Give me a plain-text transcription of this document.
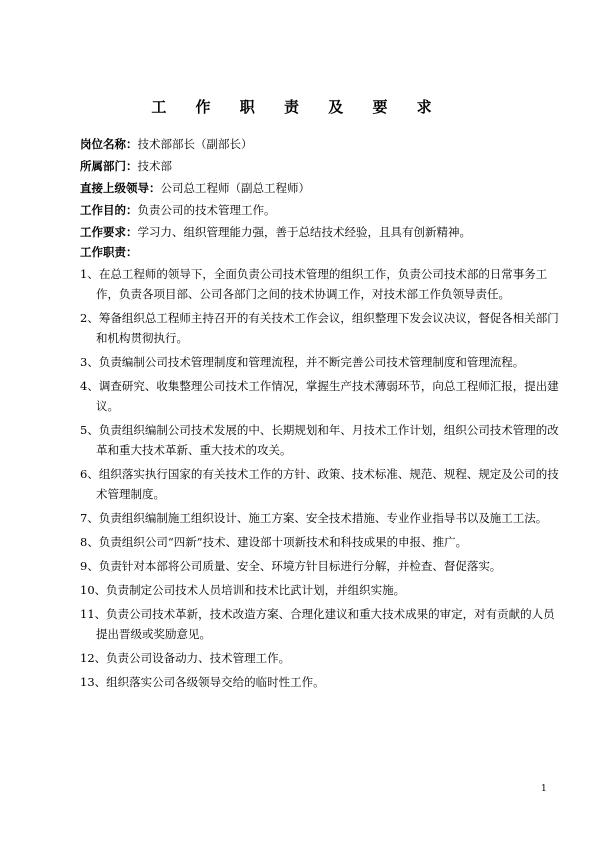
工 作 职 责 及 要 求
岗位名称：技术部部长（副部长）
所属部门：技术部
直接上级领导：公司总工程师（副总工程师）
工作目的：负责公司的技术管理工作。
工作要求：学习力、组织管理能力强，善于总结技术经验，且具有创新精神。
工作职责：

1、在总工程师的领导下，全面负责公司技术管理的组织工作，负责公司技术部的日常事务工作，负责各项目部、公司各部门之间的技术协调工作，对技术部工作负领导责任。

2、筹备组织总工程师主持召开的有关技术工作会议，组织整理下发会议决议，督促各相关部门和机构贯彻执行。

3、负责编制公司技术管理制度和管理流程，并不断完善公司技术管理制度和管理流程。

4、调查研究、收集整理公司技术工作情况，掌握生产技术薄弱环节，向总工程师汇报，提出建议。

5、负责组织编制公司技术发展的中、长期规划和年、月技术工作计划，组织公司技术管理的改革和重大技术革新、重大技术的攻关。

6、组织落实执行国家的有关技术工作的方针、政策、技术标准、规范、规程、规定及公司的技术管理制度。

7、负责组织编制施工组织设计、施工方案、安全技术措施、专业作业指导书以及施工工法。

8、负责组织公司“四新”技术、建设部十项新技术和科技成果的申报、推广。

9、负责针对本部将公司质量、安全、环境方针目标进行分解，并检查、督促落实。

10、负责制定公司技术人员培训和技术比武计划，并组织实施。

11、负责公司技术革新，技术改造方案、合理化建议和重大技术成果的审定，对有贡献的人员提出晋级或奖励意见。

12、负责公司设备动力、技术管理工作。

13、组织落实公司各级领导交给的临时性工作。

1
